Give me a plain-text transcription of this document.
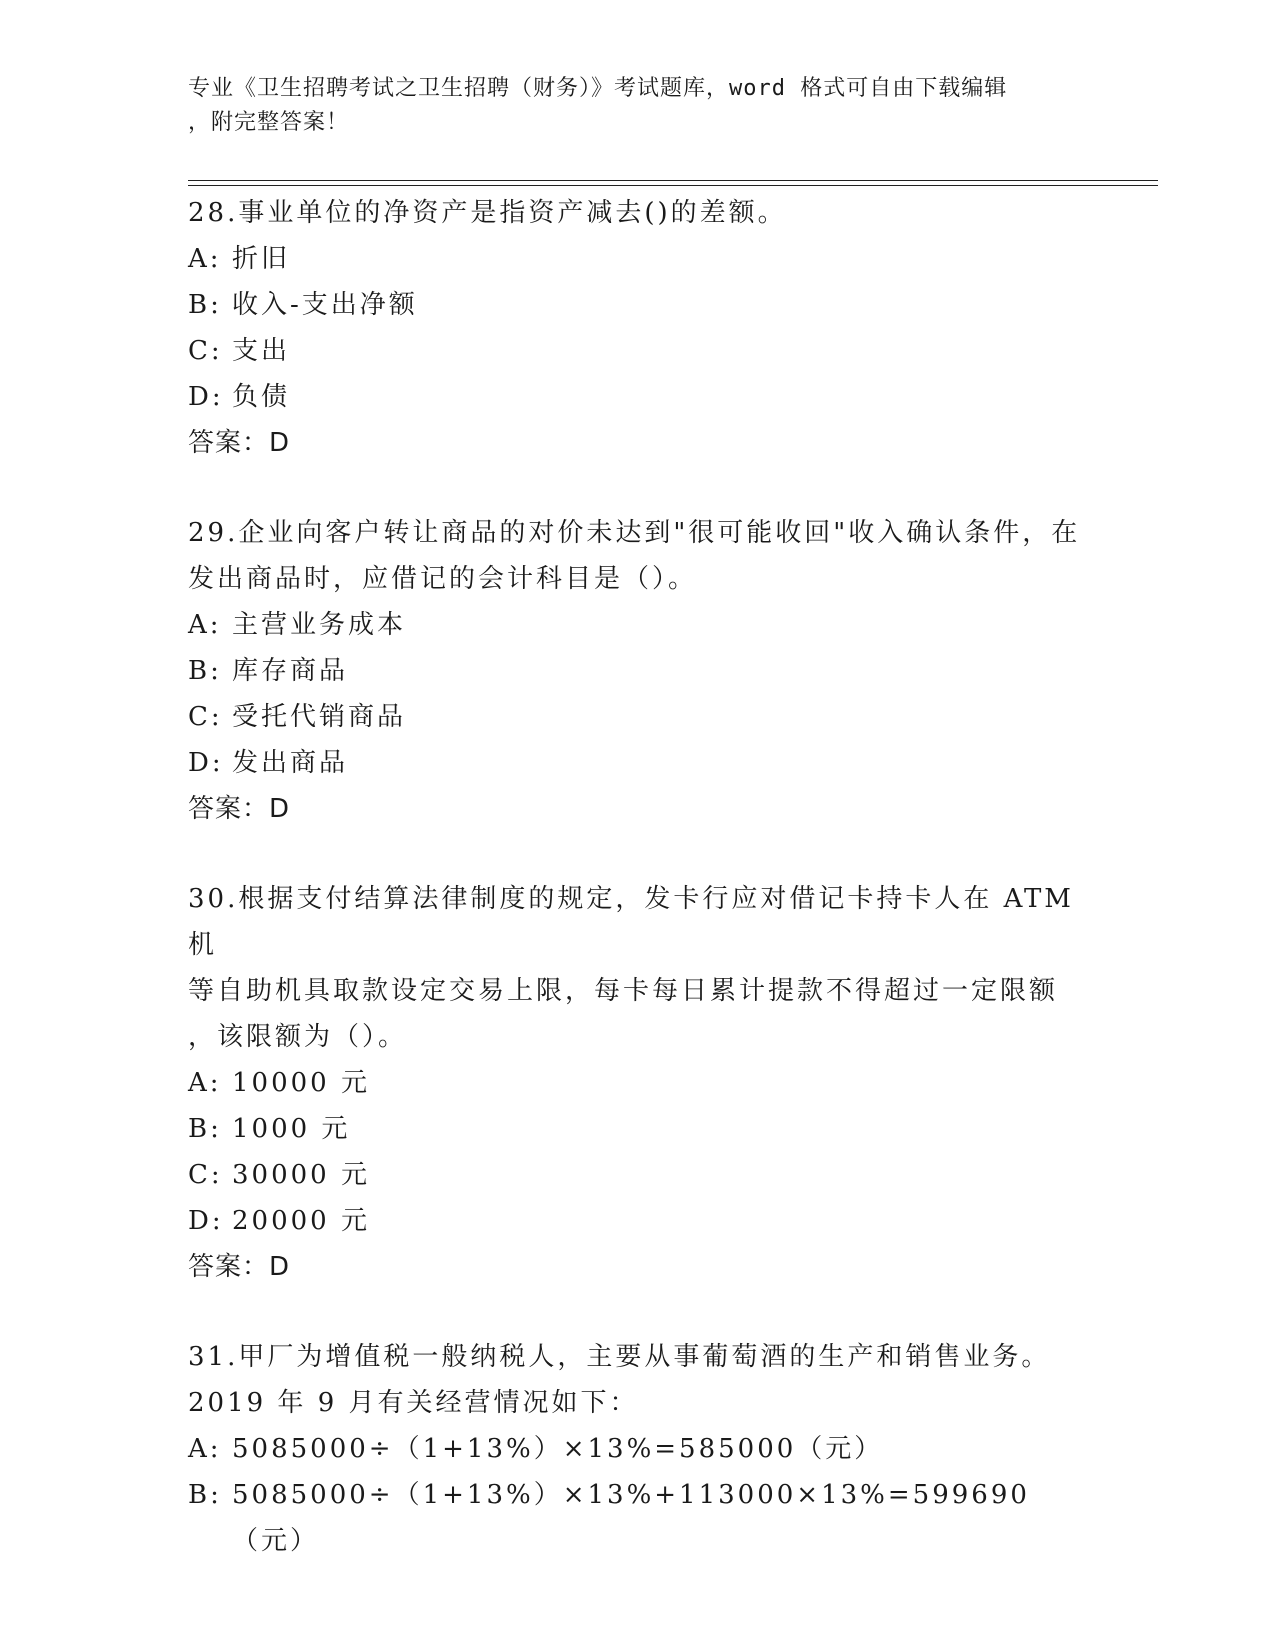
专业《卫生招聘考试之卫生招聘（财务）》考试题库，word 格式可自由下载编辑
，附完整答案！

28.事业单位的净资产是指资产减去()的差额。

A: 折旧
B: 收入-支出净额
C: 支出
D: 负债

答案：D

29.企业向客户转让商品的对价未达到"很可能收回"收入确认条件，在
发出商品时，应借记的会计科目是（）。

A: 主营业务成本
B: 库存商品
C: 受托代销商品
D: 发出商品

答案：D

30.根据支付结算法律制度的规定，发卡行应对借记卡持卡人在 ATM 机
等自助机具取款设定交易上限，每卡每日累计提款不得超过一定限额
，该限额为（）。

A: 10000 元
B: 1000 元
C: 30000 元
D: 20000 元

答案：D

31.甲厂为增值税一般纳税人，主要从事葡萄酒的生产和销售业务。
2019 年 9 月有关经营情况如下：

A: 5085000÷（1+13%）×13%=585000（元）
B: 5085000÷（1+13%）×13%+113000×13%=599690（元）
